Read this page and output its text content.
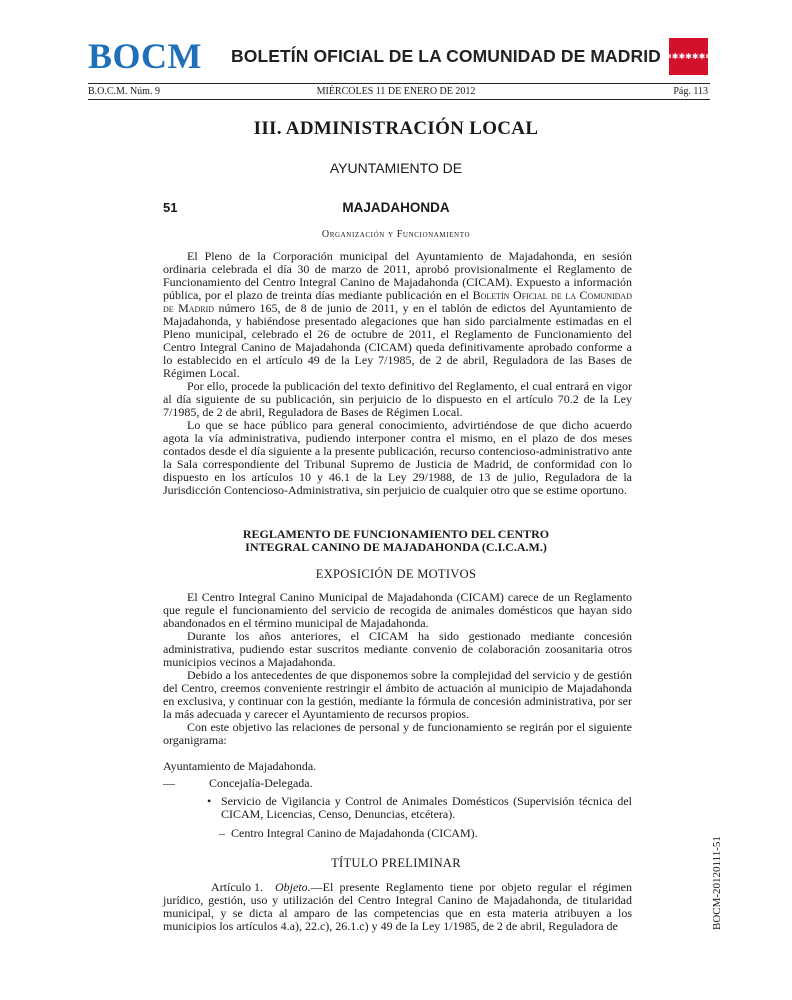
BOCM BOLETÍN OFICIAL DE LA COMUNIDAD DE MADRID ✱✱✱✱✱✱✱
B.O.C.M. Núm. 9	MIÉRCOLES 11 DE ENERO DE 2012	Pág. 113
III. ADMINISTRACIÓN LOCAL
AYUNTAMIENTO DE
51	MAJADAHONDA
Organización y Funcionamiento

El Pleno de la Corporación municipal del Ayuntamiento de Majadahonda, en sesión ordinaria celebrada el día 30 de marzo de 2011, aprobó provisionalmente el Reglamento de Funcionamiento del Centro Integral Canino de Majadahonda (CICAM). Expuesto a información pública, por el plazo de treinta días mediante publicación en el Boletín Oficial de la Comunidad de Madrid número 165, de 8 de junio de 2011, y en el tablón de edictos del Ayuntamiento de Majadahonda, y habiéndose presentado alegaciones que han sido parcialmente estimadas en el Pleno municipal, celebrado el 26 de octubre de 2011, el Reglamento de Funcionamiento del Centro Integral Canino de Majadahonda (CICAM) queda definitivamente aprobado conforme a lo establecido en el artículo 49 de la Ley 7/1985, de 2 de abril, Reguladora de las Bases de Régimen Local.

Por ello, procede la publicación del texto definitivo del Reglamento, el cual entrará en vigor al día siguiente de su publicación, sin perjuicio de lo dispuesto en el artículo 70.2 de la Ley 7/1985, de 2 de abril, Reguladora de Bases de Régimen Local.

Lo que se hace público para general conocimiento, advirtiéndose de que dicho acuerdo agota la vía administrativa, pudiendo interponer contra el mismo, en el plazo de dos meses contados desde el día siguiente a la presente publicación, recurso contencioso-administrativo ante la Sala correspondiente del Tribunal Supremo de Justicia de Madrid, de conformidad con lo dispuesto en los artículos 10 y 46.1 de la Ley 29/1988, de 13 de julio, Reguladora de la Jurisdicción Contencioso-Administrativa, sin perjuicio de cualquier otro que se estime oportuno.

REGLAMENTO DE FUNCIONAMIENTO DEL CENTRO
INTEGRAL CANINO DE MAJADAHONDA (C.I.C.A.M.)
EXPOSICIÓN DE MOTIVOS

El Centro Integral Canino Municipal de Majadahonda (CICAM) carece de un Reglamento que regule el funcionamiento del servicio de recogida de animales domésticos que hayan sido abandonados en el término municipal de Majadahonda.

Durante los años anteriores, el CICAM ha sido gestionado mediante concesión administrativa, pudiendo estar suscritos mediante convenio de colaboración zoosanitaria otros municipios vecinos a Majadahonda.

Debido a los antecedentes de que disponemos sobre la complejidad del servicio y de gestión del Centro, creemos conveniente restringir el ámbito de actuación al municipio de Majadahonda en exclusiva, y continuar con la gestión, mediante la fórmula de concesión administrativa, por ser la más adecuada y carecer el Ayuntamiento de recursos propios.

Con este objetivo las relaciones de personal y de funcionamiento se regirán por el siguiente organigrama:

Ayuntamiento de Majadahonda.
—	Concejalía-Delegada.
• Servicio de Vigilancia y Control de Animales Domésticos (Supervisión técnica del CICAM, Licencias, Censo, Denuncias, etcétera).
– Centro Integral Canino de Majadahonda (CICAM).
TÍTULO PRELIMINAR

Artículo 1. Objeto.—El presente Reglamento tiene por objeto regular el régimen jurídico, gestión, uso y utilización del Centro Integral Canino de Majadahonda, de titularidad municipal, y se dicta al amparo de las competencias que en esta materia atribuyen a los municipios los artículos 4.a), 22.c), 26.1.c) y 49 de la Ley 1/1985, de 2 de abril, Reguladora de	BOCM-20120111-51
